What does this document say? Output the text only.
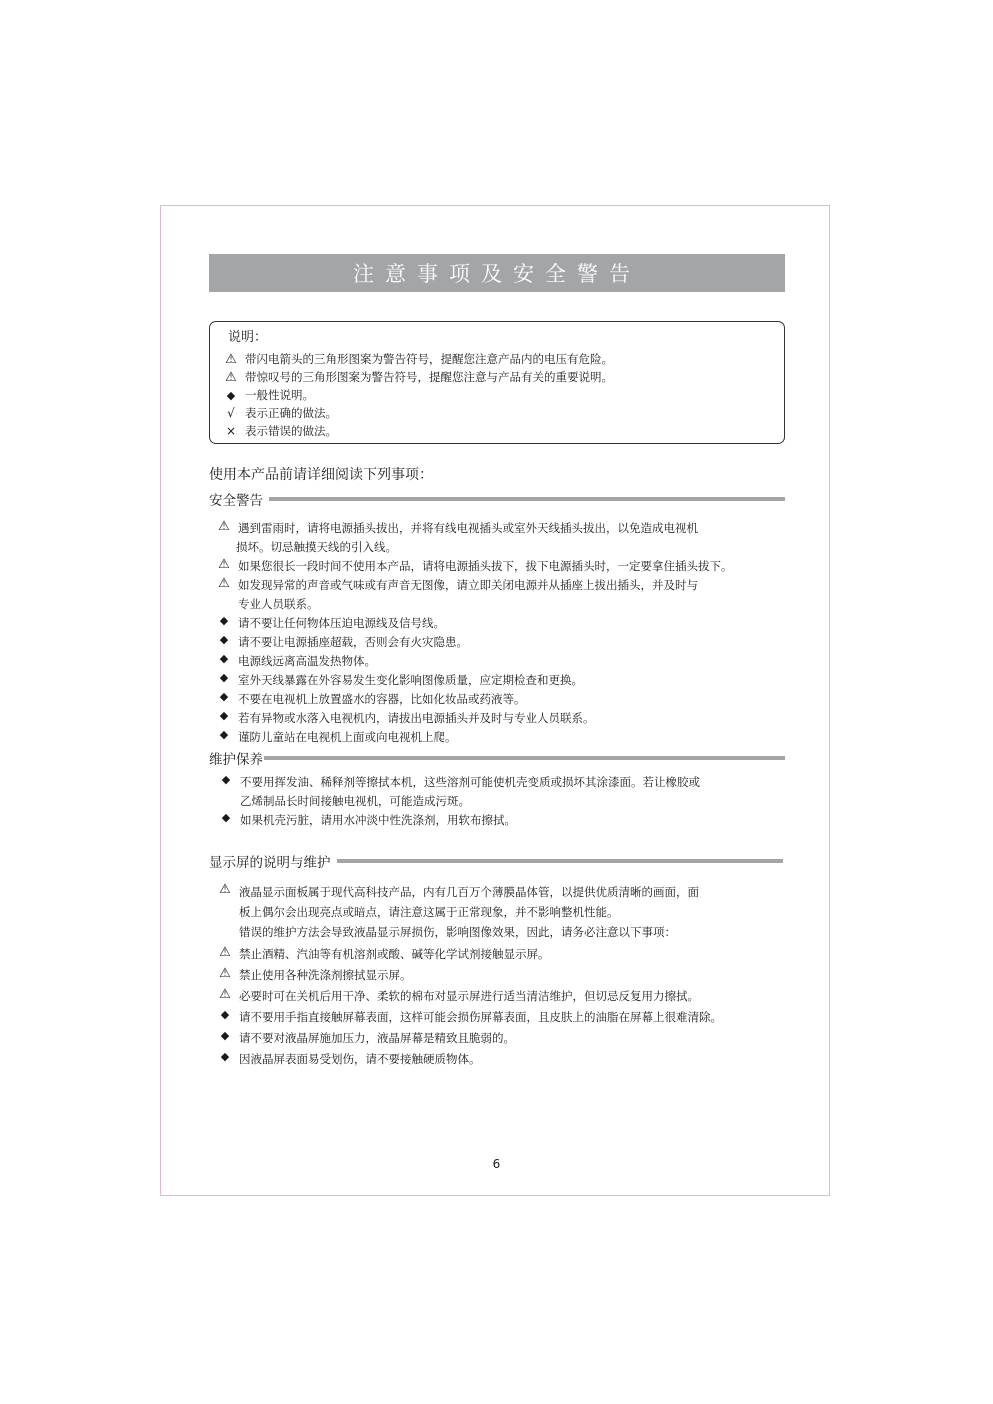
注意事项及安全警告
说明：
⚠ 带闪电箭头的三角形图案为警告符号，提醒您注意产品内的电压有危险。
⚠ 带惊叹号的三角形图案为警告符号，提醒您注意与产品有关的重要说明。
◆ 一般性说明。
√ 表示正确的做法。
× 表示错误的做法。
使用本产品前请详细阅读下列事项：
安全警告
⚠ 遇到雷雨时，请将电源插头拔出，并将有线电视插头或室外天线插头拔出，以免造成电视机
损坏。切忌触摸天线的引入线。
⚠ 如果您很长一段时间不使用本产品，请将电源插头拔下，拔下电源插头时，一定要拿住插头拔下。
⚠ 如发现异常的声音或气味或有声音无图像，请立即关闭电源并从插座上拔出插头，并及时与
专业人员联系。
◆ 请不要让任何物体压迫电源线及信号线。
◆ 请不要让电源插座超载，否则会有火灾隐患。
◆ 电源线远离高温发热物体。
◆ 室外天线暴露在外容易发生变化影响图像质量，应定期检查和更换。
◆ 不要在电视机上放置盛水的容器，比如化妆品或药液等。
◆ 若有异物或水落入电视机内，请拔出电源插头并及时与专业人员联系。
◆ 谨防儿童站在电视机上面或向电视机上爬。
维护保养
◆ 不要用挥发油、稀释剂等擦拭本机，这些溶剂可能使机壳变质或损坏其涂漆面。若让橡胶或
乙烯制品长时间接触电视机，可能造成污斑。
◆ 如果机壳污脏，请用水冲淡中性洗涤剂，用软布擦拭。
显示屏的说明与维护
⚠ 液晶显示面板属于现代高科技产品，内有几百万个薄膜晶体管，以提供优质清晰的画面，面
板上偶尔会出现亮点或暗点，请注意这属于正常现象，并不影响整机性能。
错误的维护方法会导致液晶显示屏损伤，影响图像效果，因此，请务必注意以下事项：
⚠ 禁止酒精、汽油等有机溶剂或酸、碱等化学试剂接触显示屏。
⚠ 禁止使用各种洗涤剂擦拭显示屏。
⚠ 必要时可在关机后用干净、柔软的棉布对显示屏进行适当清洁维护，但切忌反复用力擦拭。
◆ 请不要用手指直接触屏幕表面，这样可能会损伤屏幕表面，且皮肤上的油脂在屏幕上很难清除。
◆ 请不要对液晶屏施加压力，液晶屏幕是精致且脆弱的。
◆ 因液晶屏表面易受划伤，请不要接触硬质物体。
6
